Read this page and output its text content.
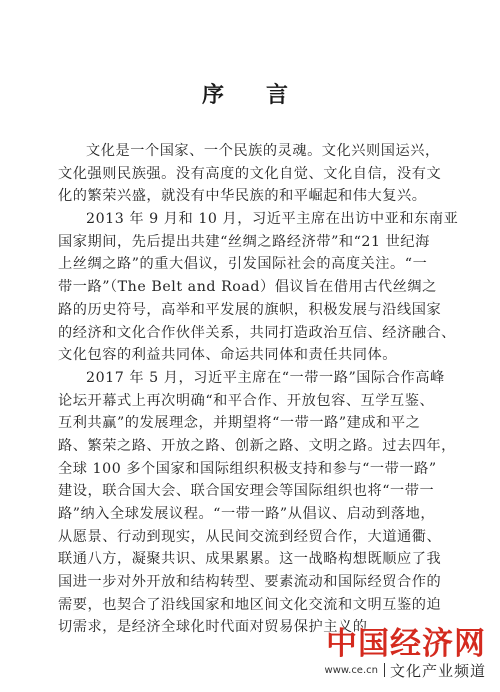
序　言
文化是一个国家、一个民族的灵魂。文化兴则国运兴，
文化强则民族强。没有高度的文化自觉、文化自信，没有文
化的繁荣兴盛，就没有中华民族的和平崛起和伟大复兴。
2013 年 9 月和 10 月，习近平主席在出访中亚和东南亚
国家期间，先后提出共建“丝绸之路经济带”和“21 世纪海
上丝绸之路”的重大倡议，引发国际社会的高度关注。“一
带一路”（The Belt and Road）倡议旨在借用古代丝绸之
路的历史符号，高举和平发展的旗帜，积极发展与沿线国家
的经济和文化合作伙伴关系，共同打造政治互信、经济融合、
文化包容的利益共同体、命运共同体和责任共同体。
2017 年 5 月，习近平主席在“一带一路”国际合作高峰
论坛开幕式上再次明确“和平合作、开放包容、互学互鉴、
互利共赢”的发展理念，并期望将“一带一路”建成和平之
路、繁荣之路、开放之路、创新之路、文明之路。过去四年，
全球 100 多个国家和国际组织积极支持和参与“一带一路”
建设，联合国大会、联合国安理会等国际组织也将“一带一
路”纳入全球发展议程。“一带一路”从倡议、启动到落地，
从愿景、行动到现实，从民间交流到经贸合作，大道通衢、
联通八方，凝聚共识、成果累累。这一战略构想既顺应了我
国进一步对外开放和结构转型、要素流动和国际经贸合作的
需要，也契合了沿线国家和地区间文化交流和文明互鉴的迫
切需求，是经济全球化时代面对贸易保护主义的
中国经济网
www.ce.cn 文化产业频道
